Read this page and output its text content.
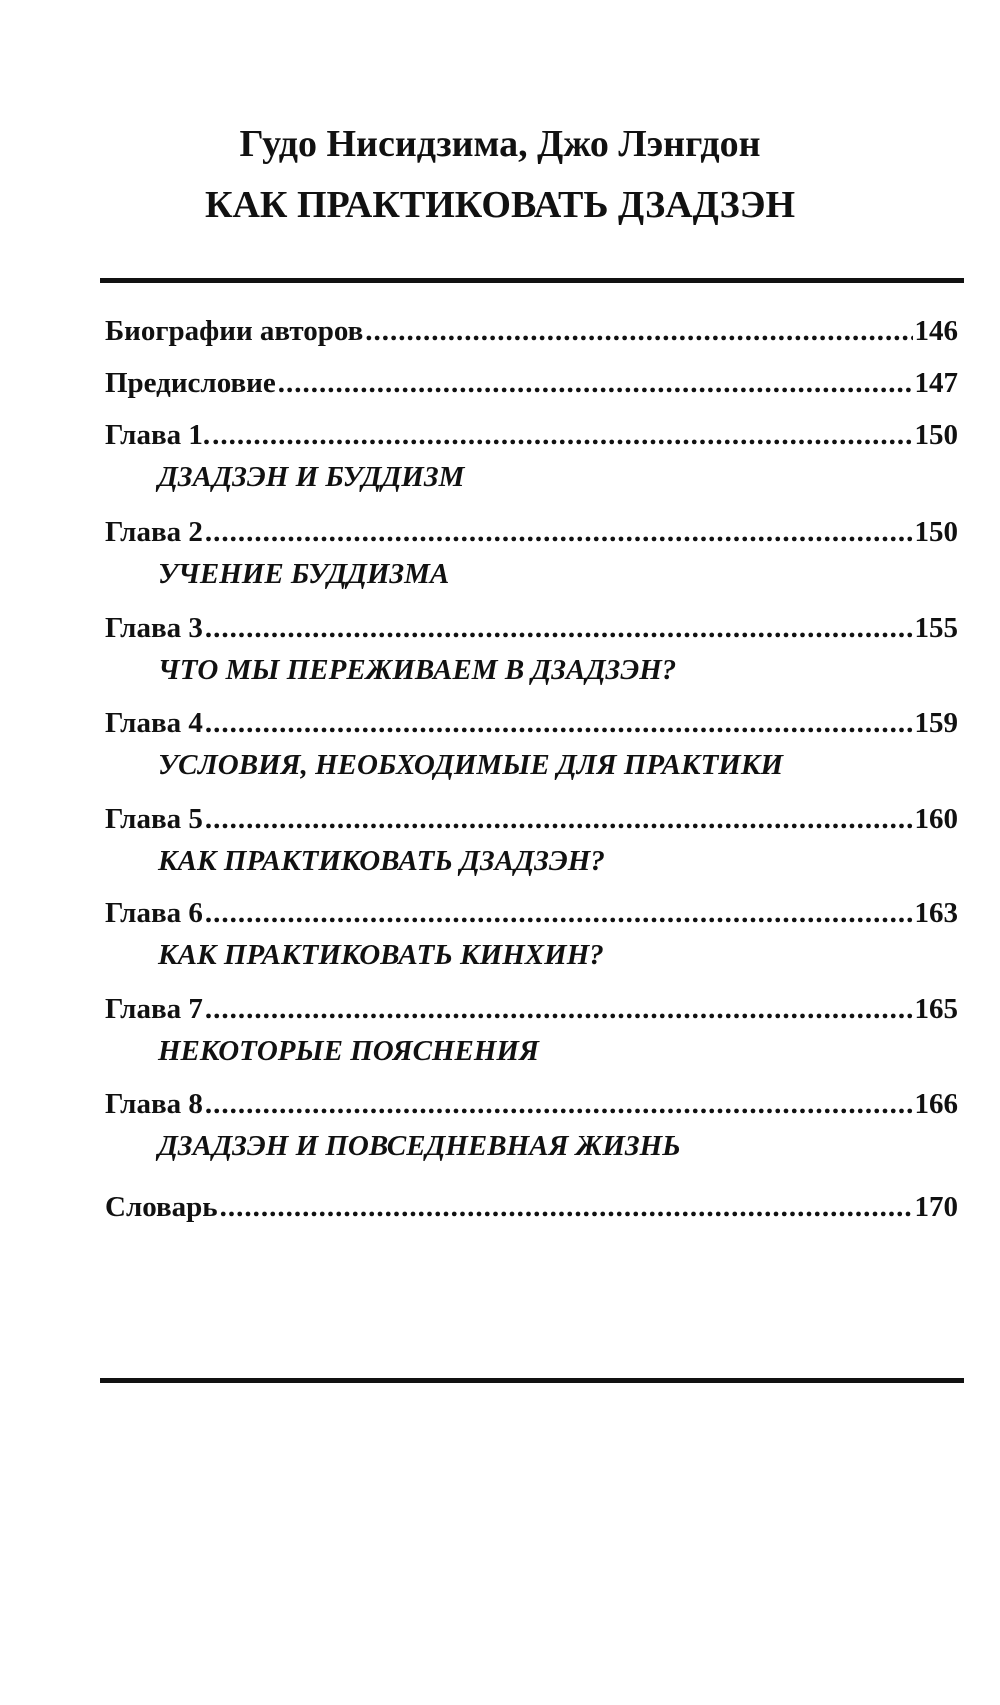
Гудо Нисидзима, Джо Лэнгдон
КАК ПРАКТИКОВАТЬ ДЗАДЗЭН
Биографии авторов .....	146
Предисловие .....	147
Глава 1. .....	150
ДЗАДЗЭН И БУДДИЗМ
Глава 2 .....	150
УЧЕНИЕ БУДДИЗМА
Глава 3 .....	155
ЧТО МЫ ПЕРЕЖИВАЕМ В ДЗАДЗЭН?
Глава 4 .....	159
УСЛОВИЯ, НЕОБХОДИМЫЕ ДЛЯ ПРАКТИКИ
Глава 5 .....	160
КАК ПРАКТИКОВАТЬ ДЗАДЗЭН?
Глава 6 .....	163
КАК ПРАКТИКОВАТЬ КИНХИН?
Глава 7 .....	165
НЕКОТОРЫЕ ПОЯСНЕНИЯ
Глава 8 .....	166
ДЗАДЗЭН И ПОВСЕДНЕВНАЯ ЖИЗНЬ
Словарь .....	170
